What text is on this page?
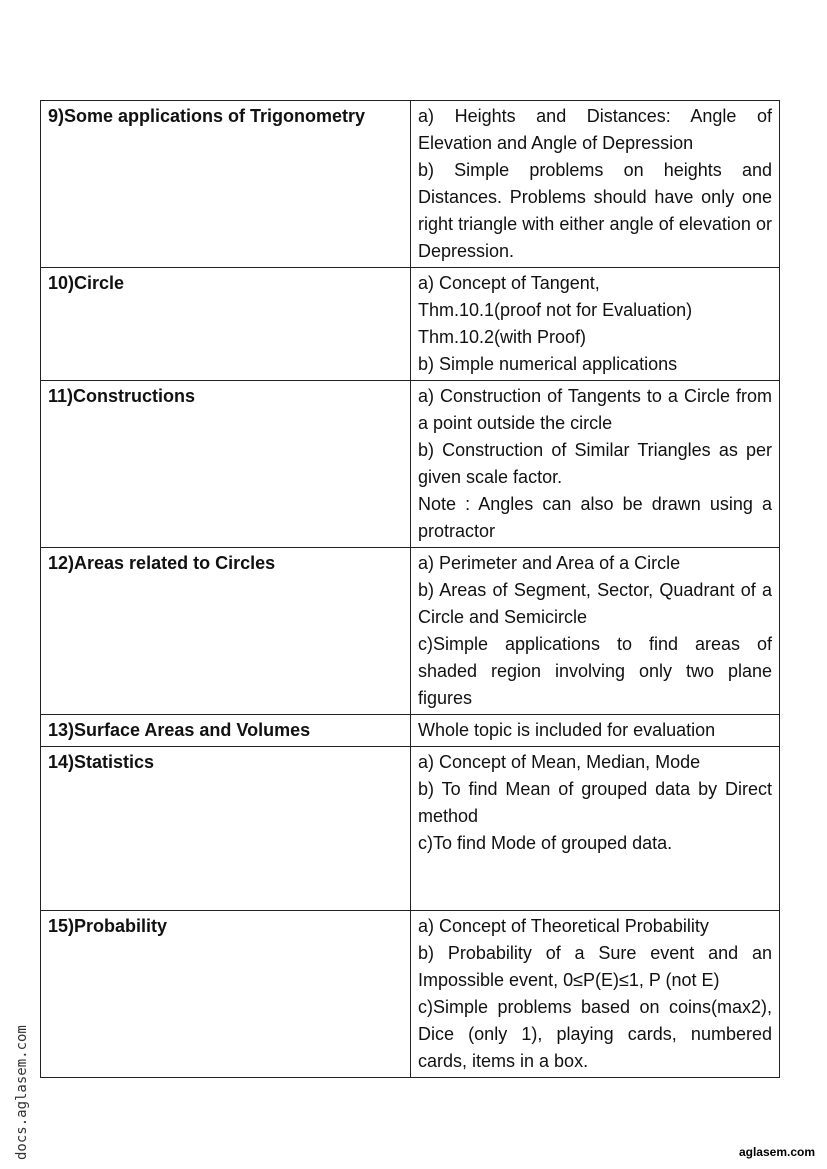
9)Some applications of Trigonometry	a) Heights and Distances: Angle of Elevation and Angle of Depression
b) Simple problems on heights and Distances. Problems should have only one right triangle with either angle of elevation or Depression.

10)Circle	a) Concept of Tangent,
Thm.10.1(proof not for Evaluation)
Thm.10.2(with Proof)
b) Simple numerical applications

11)Constructions	a) Construction of Tangents to a Circle from a point outside the circle
b) Construction of Similar Triangles as per given scale factor.
Note : Angles can also be drawn using a protractor

12)Areas related to Circles	a) Perimeter and Area of a Circle
b) Areas of Segment, Sector, Quadrant of a Circle and Semicircle
c)Simple applications to find areas of shaded region involving only two plane figures

13)Surface Areas and Volumes	Whole topic is included for evaluation

14)Statistics	a) Concept of Mean, Median, Mode
b) To find Mean of grouped data by Direct method
c)To find Mode of grouped data.

15)Probability	a) Concept of Theoretical Probability
b) Probability of a Sure event and an Impossible event, 0≤P(E)≤1, P (not E)
c)Simple problems based on coins(max2), Dice (only 1), playing cards, numbered cards, items in a box.
docs.aglasem.com	aglasem.com
